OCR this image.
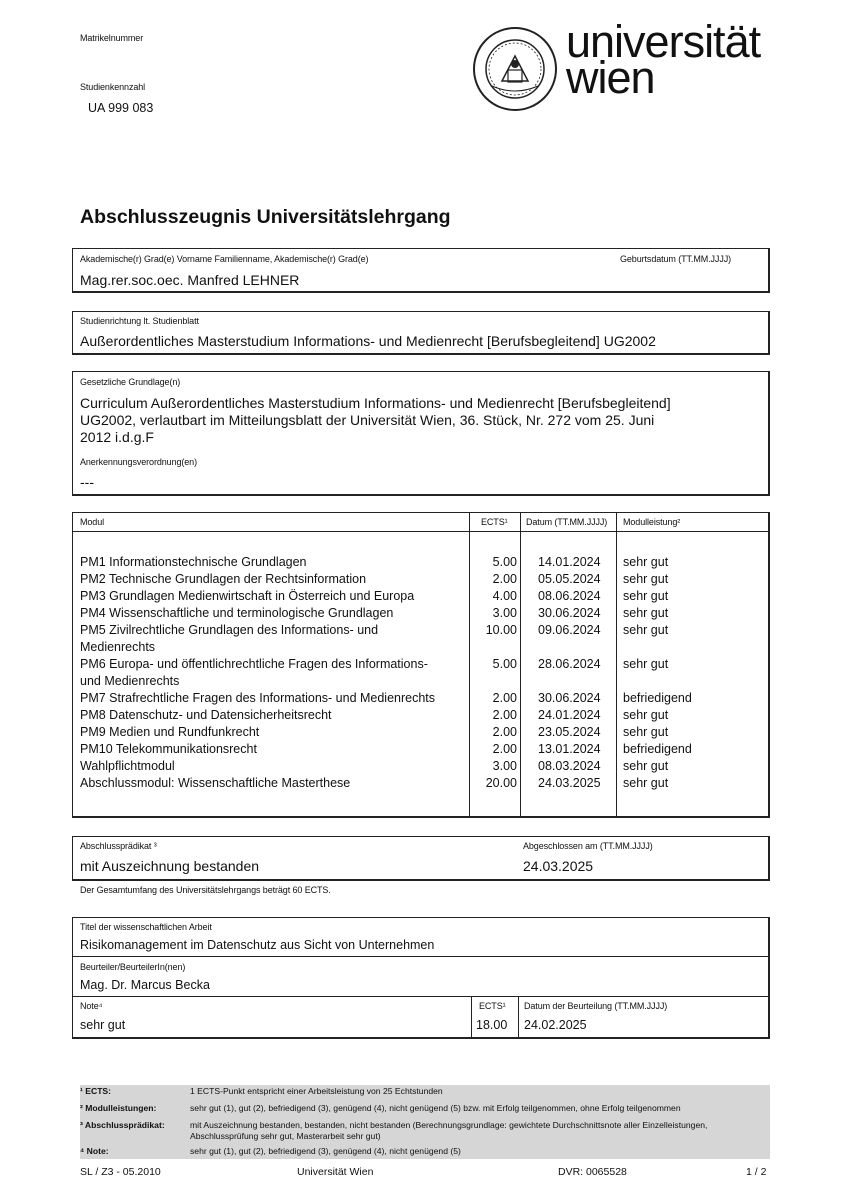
Matrikelnummer
Studienkennzahl
UA 999 083
universität
wien
Abschlusszeugnis Universitätslehrgang
Akademische(r) Grad(e) Vorname Familienname, Akademische(r) Grad(e)	Geburtsdatum (TT.MM.JJJJ)
Mag.rer.soc.oec. Manfred LEHNER
Studienrichtung lt. Studienblatt
Außerordentliches Masterstudium Informations- und Medienrecht [Berufsbegleitend] UG2002
Gesetzliche Grundlage(n)
Curriculum Außerordentliches Masterstudium Informations- und Medienrecht [Berufsbegleitend]
UG2002, verlautbart im Mitteilungsblatt der Universität Wien, 36. Stück, Nr. 272 vom 25. Juni
2012 i.d.g.F
Anerkennungsverordnung(en)
---
Modul	ECTS¹ Datum (TT.MM.JJJJ) Modulleistung²
PM1 Informationstechnische Grundlagen	5.00 14.01.2024 sehr gut
PM2 Technische Grundlagen der Rechtsinformation	2.00 05.05.2024 sehr gut
PM3 Grundlagen Medienwirtschaft in Österreich und Europa	4.00 08.06.2024 sehr gut
PM4 Wissenschaftliche und terminologische Grundlagen	3.00 30.06.2024 sehr gut
PM5 Zivilrechtliche Grundlagen des Informations- und
Medienrechts
10.00 09.06.2024 sehr gut
PM6 Europa- und öffentlichrechtliche Fragen des Informations-
und Medienrechts
5.00 28.06.2024 sehr gut
PM7 Strafrechtliche Fragen des Informations- und Medienrechts	2.00 30.06.2024 befriedigend
PM8 Datenschutz- und Datensicherheitsrecht	2.00 24.01.2024 sehr gut
PM9 Medien und Rundfunkrecht	2.00 23.05.2024 sehr gut
PM10 Telekommunikationsrecht	2.00 13.01.2024 befriedigend
Wahlpflichtmodul	3.00 08.03.2024 sehr gut
Abschlussmodul: Wissenschaftliche Masterthese	20.00 24.03.2025 sehr gut
Abschlussprädikat ³	Abgeschlossen am (TT.MM.JJJJ)
mit Auszeichnung bestanden	24.03.2025
Der Gesamtumfang des Universitätslehrgangs beträgt 60 ECTS.
Titel der wissenschaftlichen Arbeit
Risikomanagement im Datenschutz aus Sicht von Unternehmen
Beurteiler/BeurteilerIn(nen)
Mag. Dr. Marcus Becka
Note⁴
sehr gut
ECTS¹
18.00
Datum der Beurteilung (TT.MM.JJJJ)
24.02.2025
¹ ECTS:	1 ECTS-Punkt entspricht einer Arbeitsleistung von 25 Echtstunden
² Modulleistungen:	sehr gut (1), gut (2), befriedigend (3), genügend (4), nicht genügend (5) bzw. mit Erfolg teilgenommen, ohne Erfolg teilgenommen
³ Abschlussprädikat:	mit Auszeichnung bestanden, bestanden, nicht bestanden (Berechnungsgrundlage: gewichtete Durchschnittsnote aller Einzelleistungen,
Abschlussprüfung sehr gut, Masterarbeit sehr gut)
⁴ Note:	sehr gut (1), gut (2), befriedigend (3), genügend (4), nicht genügend (5)
SL / Z3 - 05.2010	Universität Wien	DVR: 0065528	1 / 2
